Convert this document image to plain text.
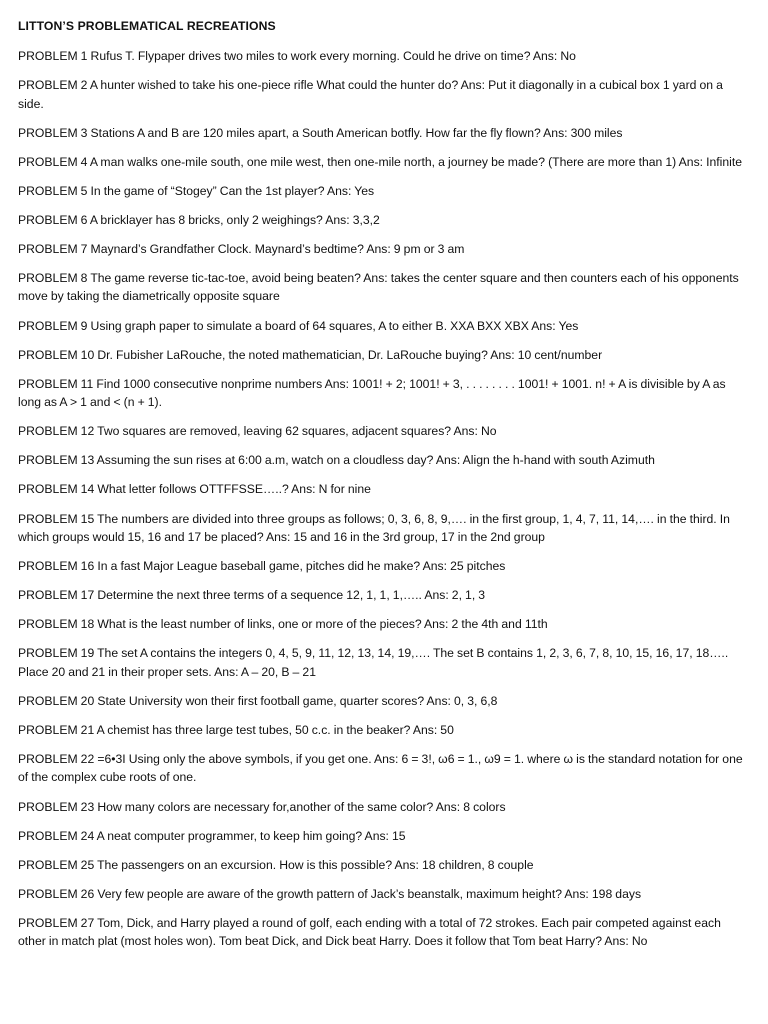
LITTON’S PROBLEMATICAL RECREATIONS

PROBLEM 1 Rufus T. Flypaper drives two miles to work every morning. Could he drive on time? Ans: No

PROBLEM 2 A hunter wished to take his one-piece rifle What could the hunter do? Ans: Put it diagonally in a cubical box 1 yard on a side.

PROBLEM 3 Stations A and B are 120 miles apart, a South American botfly. How far the fly flown? Ans: 300 miles

PROBLEM 4 A man walks one-mile south, one mile west, then one-mile north, a journey be made? (There are more than 1) Ans: Infinite

PROBLEM 5 In the game of “Stogey” Can the 1st player? Ans: Yes

PROBLEM 6 A bricklayer has 8 bricks, only 2 weighings? Ans: 3,3,2

PROBLEM 7 Maynard’s Grandfather Clock. Maynard’s bedtime? Ans: 9 pm or 3 am

PROBLEM 8 The game reverse tic-tac-toe, avoid being beaten? Ans: takes the center square and then counters each of his opponents move by taking the diametrically opposite square

PROBLEM 9 Using graph paper to simulate a board of 64 squares, A to either B. XXA BXX XBX Ans: Yes

PROBLEM 10 Dr. Fubisher LaRouche, the noted mathematician, Dr. LaRouche buying? Ans: 10 cent/number

PROBLEM 11 Find 1000 consecutive nonprime numbers Ans: 1001! + 2; 1001! + 3, . . . . . . . . 1001! + 1001. n! + A is divisible by A as long as A > 1 and < (n + 1).

PROBLEM 12 Two squares are removed, leaving 62 squares, adjacent squares? Ans: No

PROBLEM 13 Assuming the sun rises at 6:00 a.m, watch on a cloudless day? Ans: Align the h-hand with south Azimuth

PROBLEM 14 What letter follows OTTFFSSE…..? Ans: N for nine

PROBLEM 15 The numbers are divided into three groups as follows; 0, 3, 6, 8, 9,…. in the first group, 1, 4, 7, 11, 14,…. in the third. In which groups would 15, 16 and 17 be placed? Ans: 15 and 16 in the 3rd group, 17 in the 2nd group

PROBLEM 16 In a fast Major League baseball game, pitches did he make? Ans: 25 pitches

PROBLEM 17 Determine the next three terms of a sequence 12, 1, 1, 1,….. Ans: 2, 1, 3

PROBLEM 18 What is the least number of links, one or more of the pieces? Ans: 2 the 4th and 11th

PROBLEM 19 The set A contains the integers 0, 4, 5, 9, 11, 12, 13, 14, 19,…. The set B contains 1, 2, 3, 6, 7, 8, 10, 15, 16, 17, 18….. Place 20 and 21 in their proper sets. Ans: A – 20, B – 21

PROBLEM 20 State University won their first football game, quarter scores? Ans: 0, 3, 6,8

PROBLEM 21 A chemist has three large test tubes, 50 c.c. in the beaker? Ans: 50

PROBLEM 22 =6•3I Using only the above symbols, if you get one. Ans: 6 = 3!, ω6 = 1., ω9 = 1. where ω is the standard notation for one of the complex cube roots of one.

PROBLEM 23 How many colors are necessary for,another of the same color? Ans: 8 colors

PROBLEM 24 A neat computer programmer, to keep him going? Ans: 15

PROBLEM 25 The passengers on an excursion. How is this possible? Ans: 18 children, 8 couple

PROBLEM 26 Very few people are aware of the growth pattern of Jack’s beanstalk, maximum height? Ans: 198 days

PROBLEM 27 Tom, Dick, and Harry played a round of golf, each ending with a total of 72 strokes. Each pair competed against each other in match plat (most holes won). Tom beat Dick, and Dick beat Harry. Does it follow that Tom beat Harry? Ans: No
